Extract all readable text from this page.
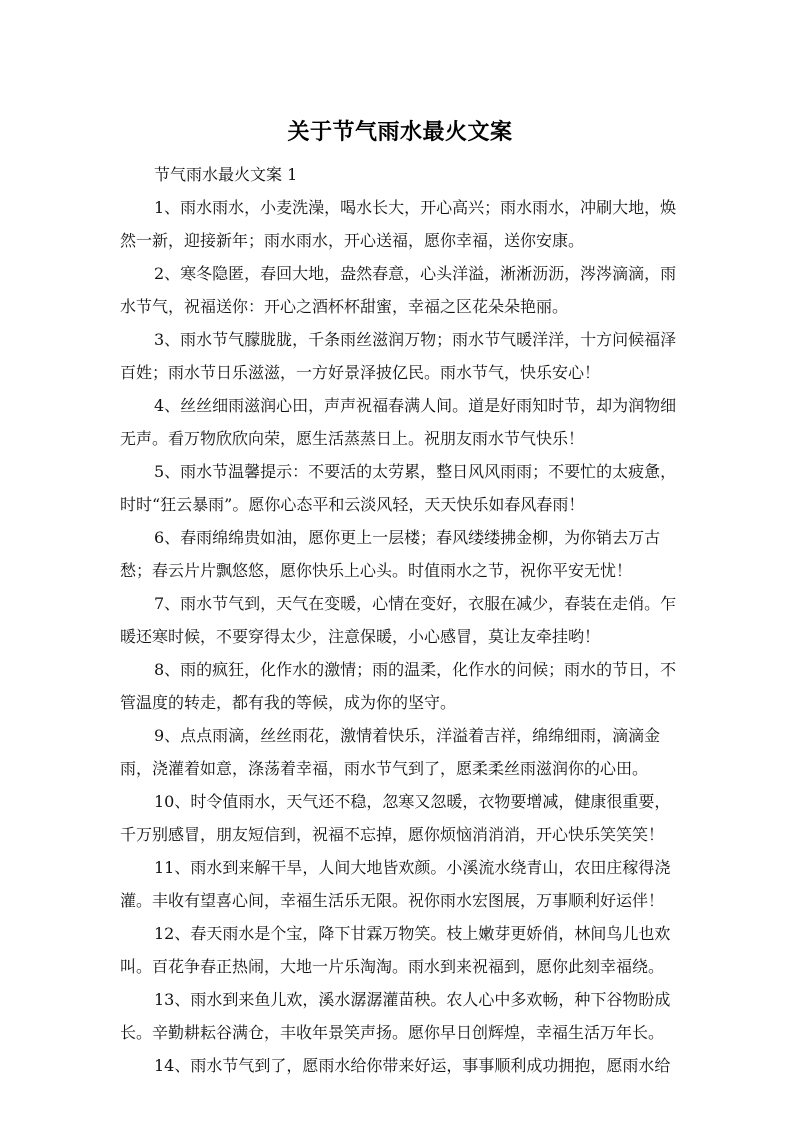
关于节气雨水最火文案

节气雨水最火文案 1

1、雨水雨水，小麦洗澡，喝水长大，开心高兴；雨水雨水，冲刷大地，焕
然一新，迎接新年；雨水雨水，开心送福，愿你幸福，送你安康。

2、寒冬隐匿，春回大地，盎然春意，心头洋溢，淅淅沥沥，涔涔滴滴，雨
水节气，祝福送你：开心之酒杯杯甜蜜，幸福之区花朵朵艳丽。

3、雨水节气朦胧胧，千条雨丝滋润万物；雨水节气暖洋洋，十方问候福泽
百姓；雨水节日乐滋滋，一方好景泽披亿民。雨水节气，快乐安心！

4、丝丝细雨滋润心田，声声祝福春满人间。道是好雨知时节，却为润物细
无声。看万物欣欣向荣，愿生活蒸蒸日上。祝朋友雨水节气快乐！

5、雨水节温馨提示：不要活的太劳累，整日风风雨雨；不要忙的太疲惫，
时时“狂云暴雨”。愿你心态平和云淡风轻，天天快乐如春风春雨！

6、春雨绵绵贵如油，愿你更上一层楼；春风缕缕拂金柳，为你销去万古
愁；春云片片飘悠悠，愿你快乐上心头。时值雨水之节，祝你平安无忧！

7、雨水节气到，天气在变暖，心情在变好，衣服在减少，春装在走俏。乍
暖还寒时候，不要穿得太少，注意保暖，小心感冒，莫让友牵挂哟！

8、雨的疯狂，化作水的激情；雨的温柔，化作水的问候；雨水的节日，不
管温度的转走，都有我的等候，成为你的坚守。

9、点点雨滴，丝丝雨花，激情着快乐，洋溢着吉祥，绵绵细雨，滴滴金
雨，浇灌着如意，涤荡着幸福，雨水节气到了，愿柔柔丝雨滋润你的心田。

10、时令值雨水，天气还不稳，忽寒又忽暖，衣物要增减，健康很重要，
千万别感冒，朋友短信到，祝福不忘掉，愿你烦恼消消消，开心快乐笑笑笑！

11、雨水到来解干旱，人间大地皆欢颜。小溪流水绕青山，农田庄稼得浇
灌。丰收有望喜心间，幸福生活乐无限。祝你雨水宏图展，万事顺利好运伴！

12、春天雨水是个宝，降下甘霖万物笑。枝上嫩芽更娇俏，林间鸟儿也欢
叫。百花争春正热闹，大地一片乐淘淘。雨水到来祝福到，愿你此刻幸福绕。

13、雨水到来鱼儿欢，溪水潺潺灌苗秧。农人心中多欢畅，种下谷物盼成
长。辛勤耕耘谷满仓，丰收年景笑声扬。愿你早日创辉煌，幸福生活万年长。

14、雨水节气到了，愿雨水给你带来好运，事事顺利成功拥抱，愿雨水给
